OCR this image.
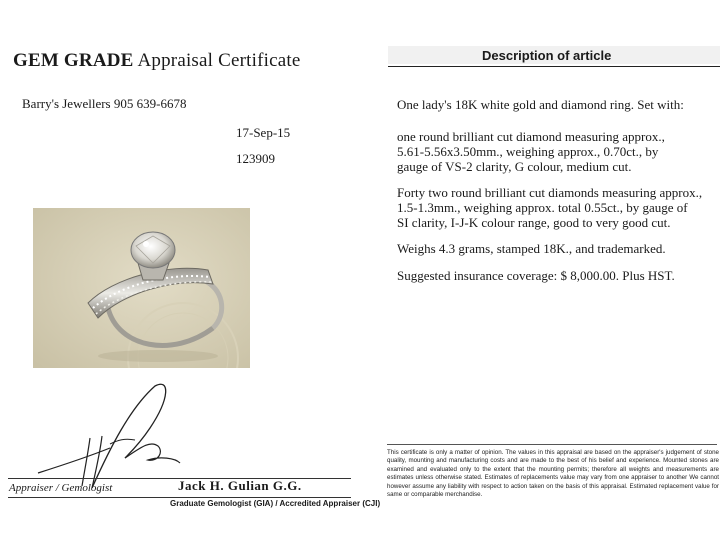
GEM GRADE Appraisal Certificate
Barry's Jewellers 905 639-6678
17-Sep-15
123909
Appraiser / Gemologist	Jack H. Gulian G.G.
Graduate Gemologist (GIA) / Accredited Appraiser (CJI)
Description of article
One lady's 18K white gold and diamond ring. Set with:
one round brilliant cut diamond measuring approx.,
5.61-5.56x3.50mm., weighing approx., 0.70ct., by
gauge of VS-2 clarity, G colour, medium cut.
Forty two round brilliant cut diamonds measuring approx.,
1.5-1.3mm., weighing approx. total 0.55ct., by gauge of
SI clarity, I-J-K colour range, good to very good cut.
Weighs 4.3 grams, stamped 18K., and trademarked.
Suggested insurance coverage: $ 8,000.00. Plus HST.
This certificate is only a matter of opinion. The values in this appraisal are based on the appraiser's judgement of stone quality, mounting and manufacturing costs and are made to the best of his belief and experience. Mounted stones are examined and evaluated only to the extent that the mounting permits; therefore all weights and measurements are estimates unless otherwise stated. Estimates of replacements value may vary from one appraiser to another We cannot however assume any liability with respect to action taken on the basis of this appraisal. Estimated replacement value for same or comparable merchandise.
